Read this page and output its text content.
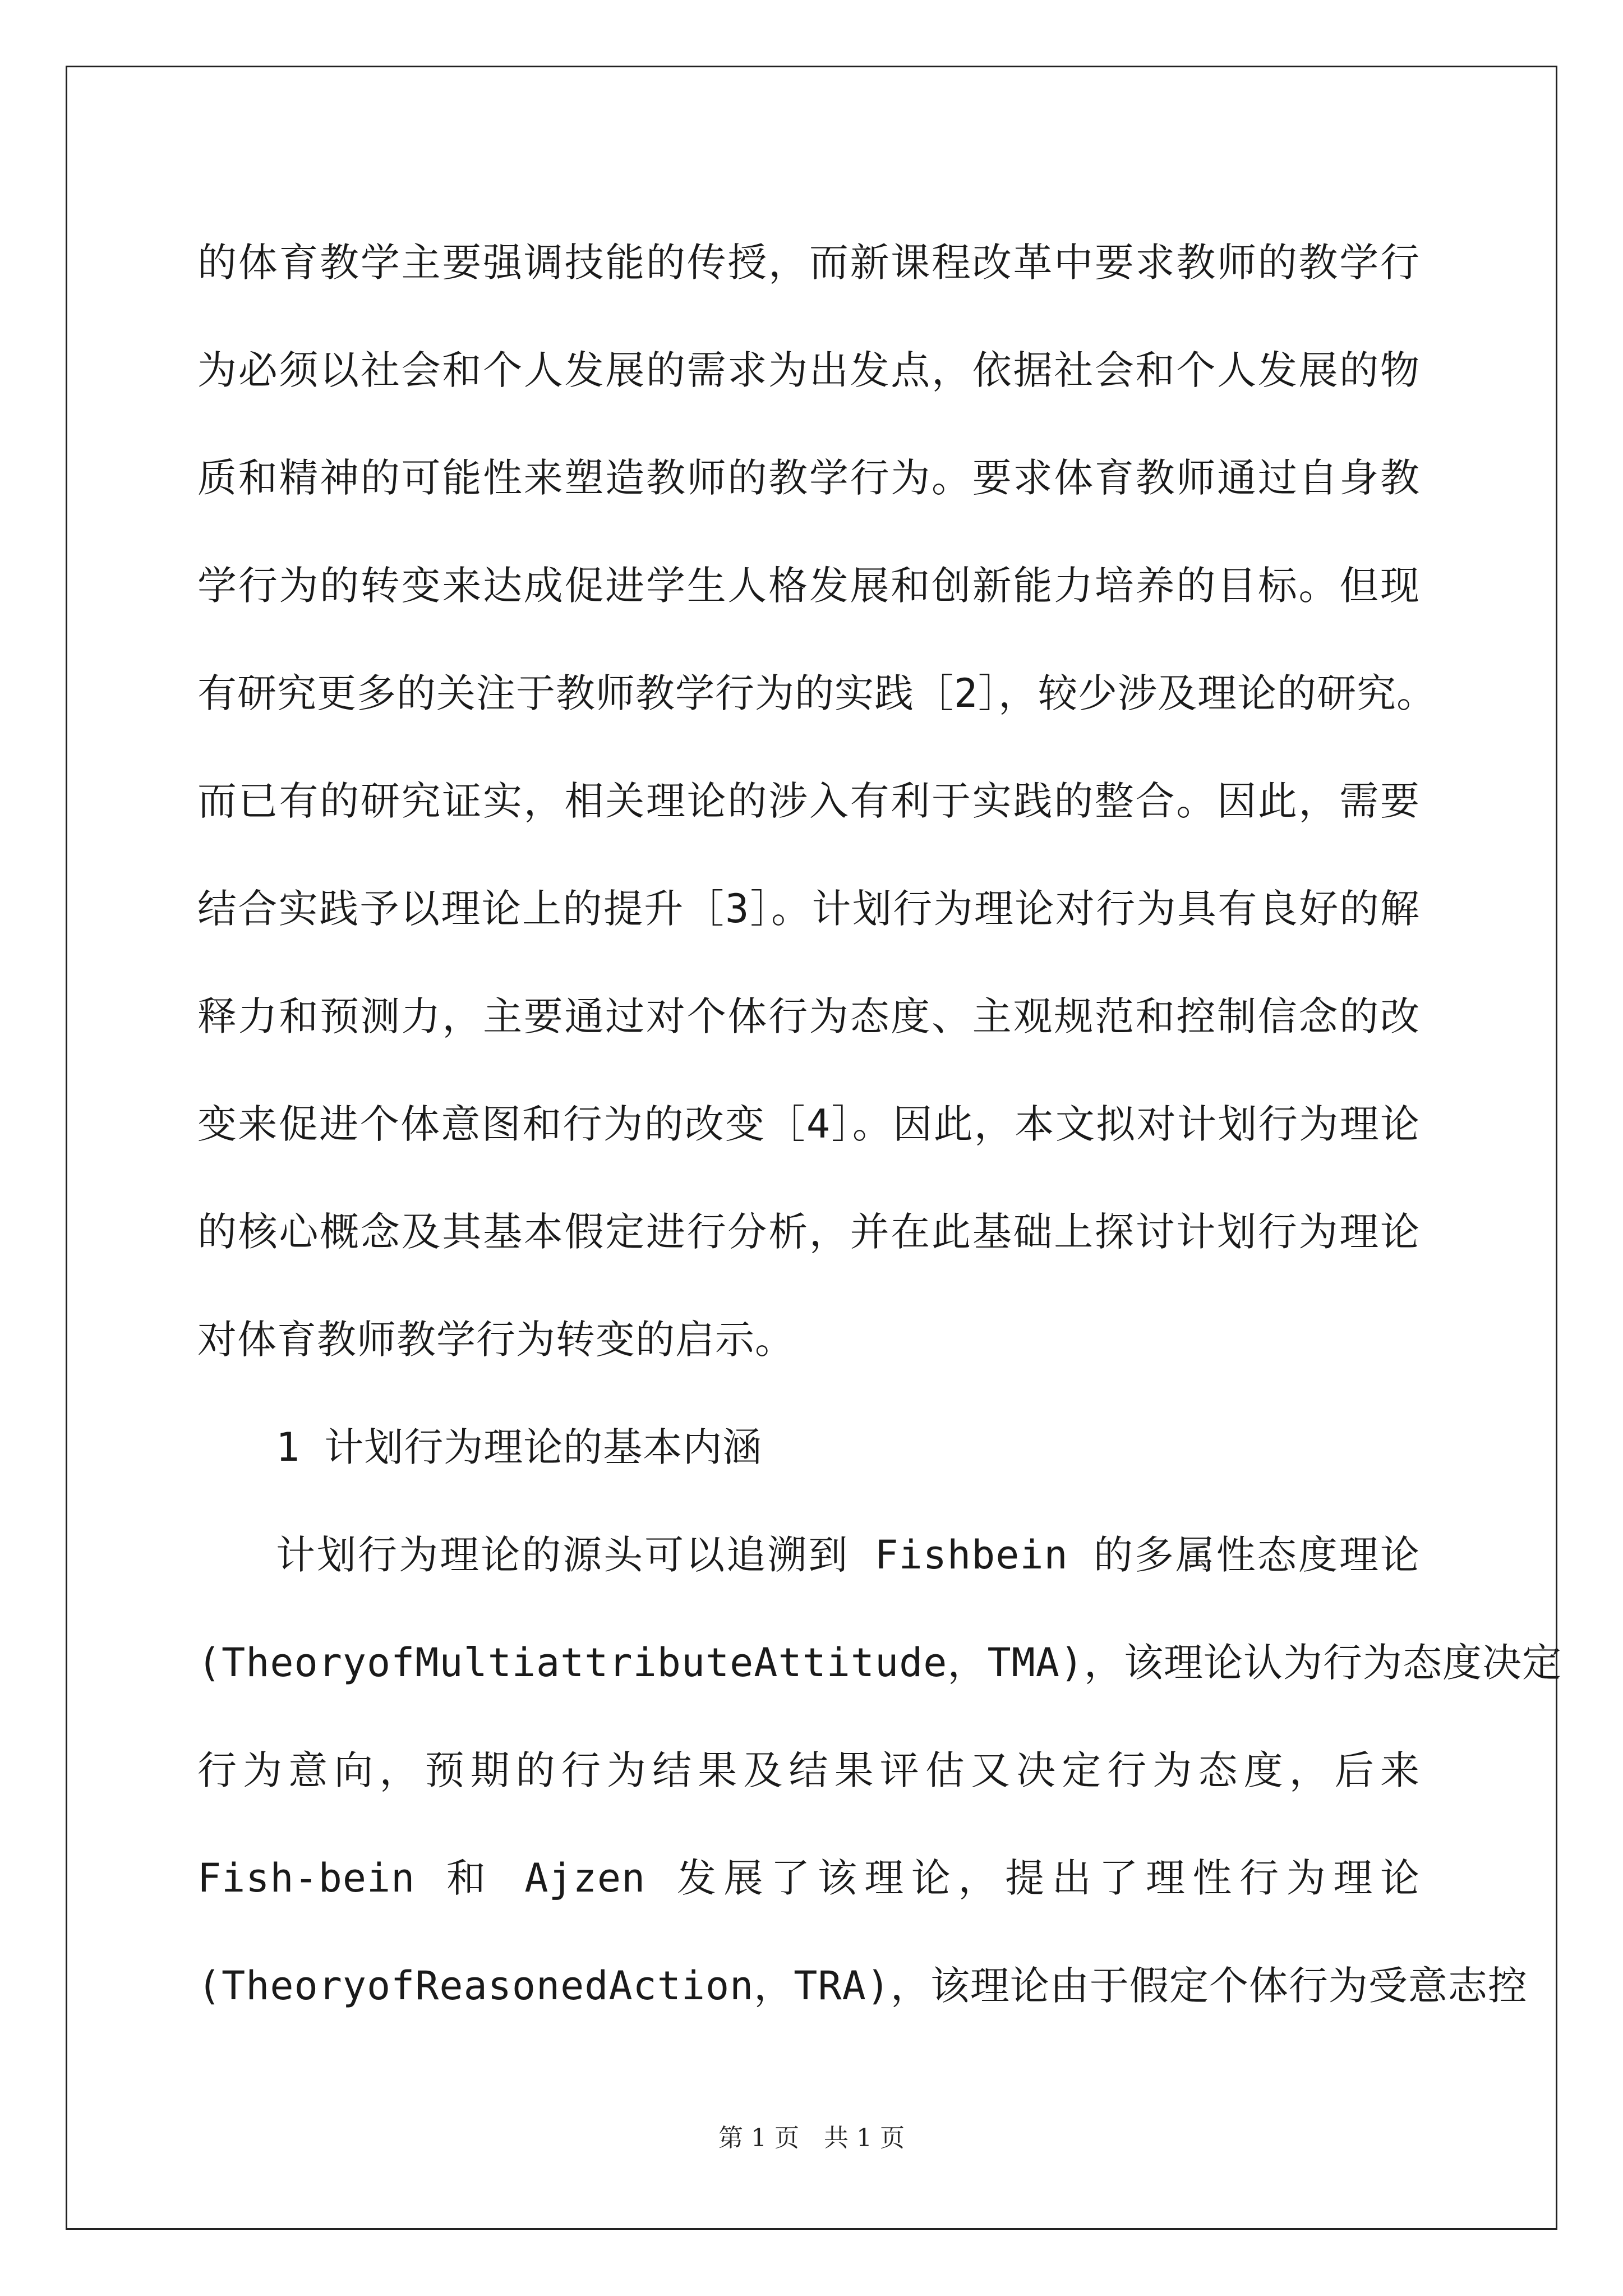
的体育教学主要强调技能的传授，而新课程改革中要求教师的教学行
为必须以社会和个人发展的需求为出发点，依据社会和个人发展的物
质和精神的可能性来塑造教师的教学行为。要求体育教师通过自身教
学行为的转变来达成促进学生人格发展和创新能力培养的目标。但现
有研究更多的关注于教师教学行为的实践［2］，较少涉及理论的研究。
而已有的研究证实，相关理论的涉入有利于实践的整合。因此，需要
结合实践予以理论上的提升［3］。计划行为理论对行为具有良好的解
释力和预测力，主要通过对个体行为态度、主观规范和控制信念的改
变来促进个体意图和行为的改变［4］。因此，本文拟对计划行为理论
的核心概念及其基本假定进行分析，并在此基础上探讨计划行为理论
对体育教师教学行为转变的启示。
1 计划行为理论的基本内涵
计划行为理论的源头可以追溯到 Fishbein 的多属性态度理论
(TheoryofMultiattributeAttitude，TMA)，该理论认为行为态度决定
行为意向，预期的行为结果及结果评估又决定行为态度，后来
Fish-bein 和 Ajzen 发展了该理论，提出了理性行为理论
(TheoryofReasonedAction，TRA)，该理论由于假定个体行为受意志控
第 1 页　共 1 页
